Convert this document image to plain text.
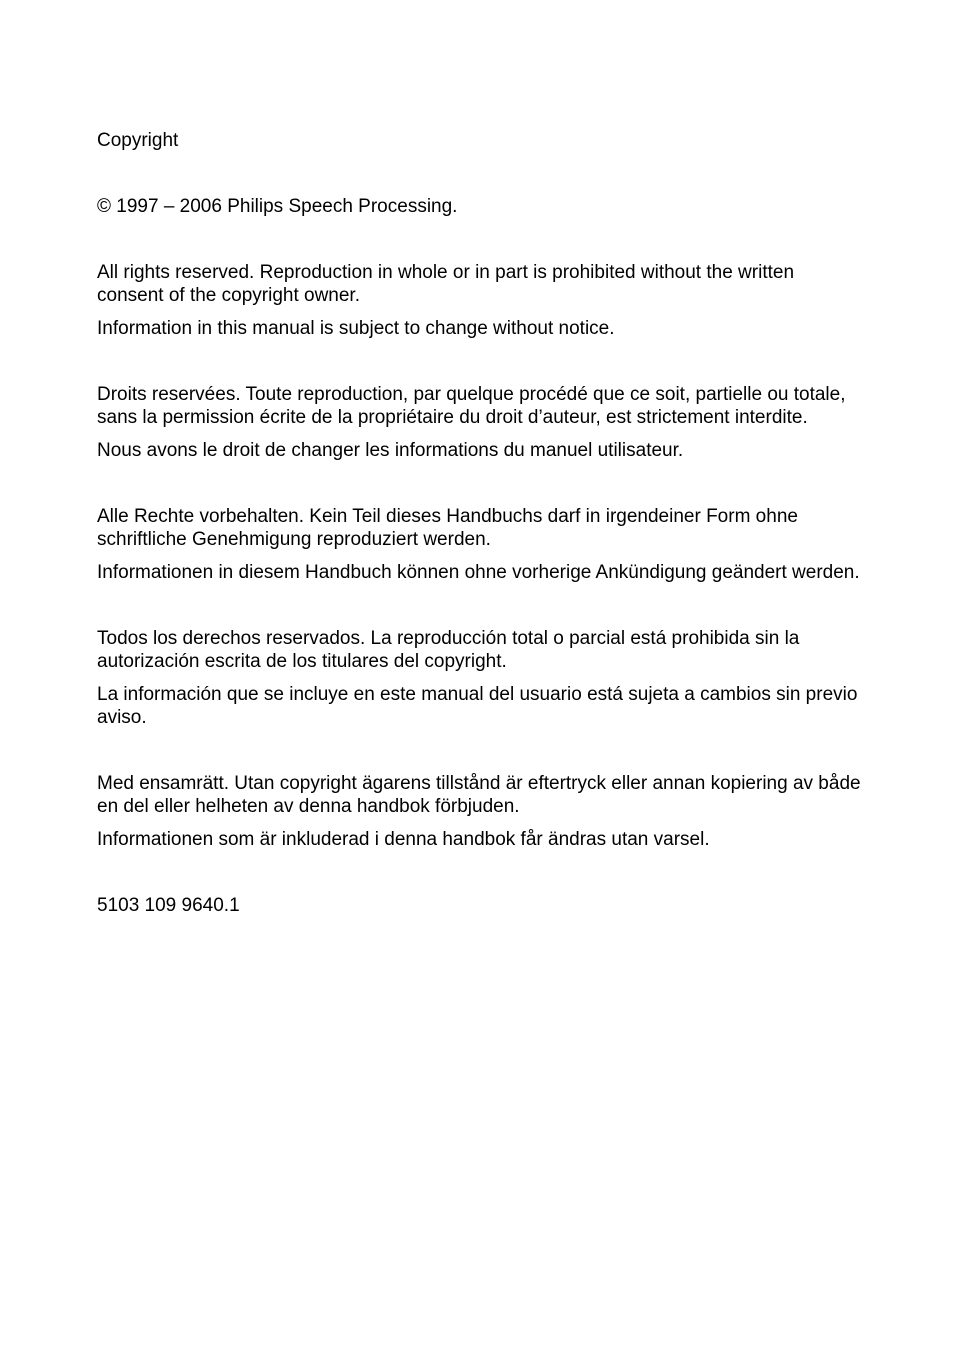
Copyright

© 1997 – 2006 Philips Speech Processing.

All rights reserved. Reproduction in whole or in part is prohibited without the written consent of the copyright owner.

Information in this manual is subject to change without notice.

Droits reservées. Toute reproduction, par quelque procédé que ce soit, partielle ou totale, sans la permission écrite de la propriétaire du droit d’auteur, est strictement interdite.

Nous avons le droit de changer les informations du manuel utilisateur.

Alle Rechte vorbehalten. Kein Teil dieses Handbuchs darf in irgendeiner Form ohne schriftliche Genehmigung reproduziert werden.

Informationen in diesem Handbuch können ohne vorherige Ankündigung geändert werden.

Todos los derechos reservados. La reproducción total o parcial está prohibida sin la autorización escrita de los titulares del copyright.

La información que se incluye en este manual del usuario está sujeta a cambios sin previo aviso.

Med ensamrätt. Utan copyright ägarens tillstånd är eftertryck eller annan kopiering av både en del eller helheten av denna handbok förbjuden.

Informationen som är inkluderad i denna handbok får ändras utan varsel.

5103 109 9640.1
